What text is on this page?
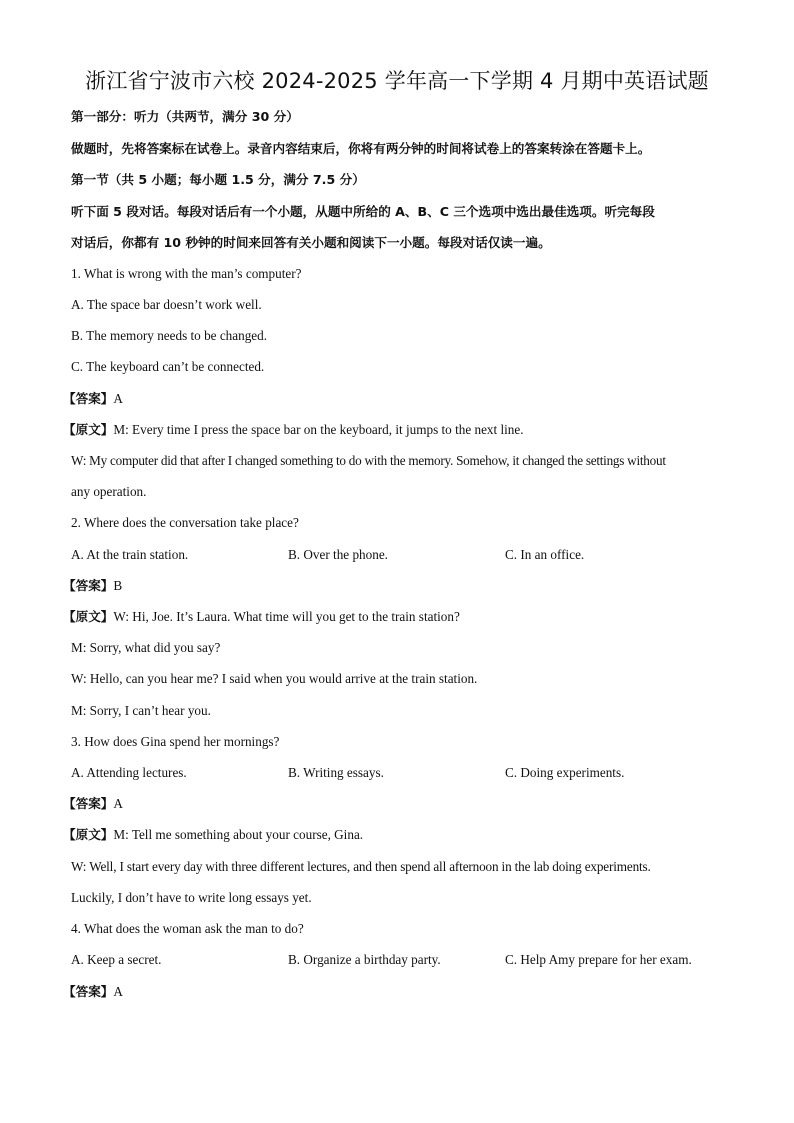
浙江省宁波市六校 2024-2025 学年高一下学期 4 月期中英语试题
第一部分：听力（共两节，满分 30 分）
做题时，先将答案标在试卷上。录音内容结束后，你将有两分钟的时间将试卷上的答案转涂在答题卡上。
第一节（共 5 小题；每小题 1.5 分，满分 7.5 分）
听下面 5 段对话。每段对话后有一个小题，从题中所给的 A、B、C 三个选项中选出最佳选项。听完每段
对话后，你都有 10 秒钟的时间来回答有关小题和阅读下一小题。每段对话仅读一遍。
1. What is wrong with the man’s computer?
A. The space bar doesn’t work well.
B. The memory needs to be changed.
C. The keyboard can’t be connected.
【答案】A
【原文】M: Every time I press the space bar on the keyboard, it jumps to the next line.
W: My computer did that after I changed something to do with the memory. Somehow, it changed the settings without
any operation.
2. Where does the conversation take place?
A. At the train station.	B. Over the phone.	C. In an office.
【答案】B
【原文】W: Hi, Joe. It’s Laura. What time will you get to the train station?
M: Sorry, what did you say?
W: Hello, can you hear me? I said when you would arrive at the train station.
M: Sorry, I can’t hear you.
3. How does Gina spend her mornings?
A. Attending lectures.	B. Writing essays.	C. Doing experiments.
【答案】A
【原文】M: Tell me something about your course, Gina.
W: Well, I start every day with three different lectures, and then spend all afternoon in the lab doing experiments.
Luckily, I don’t have to write long essays yet.
4. What does the woman ask the man to do?
A. Keep a secret.	B. Organize a birthday party.	C. Help Amy prepare for her exam.
【答案】A
